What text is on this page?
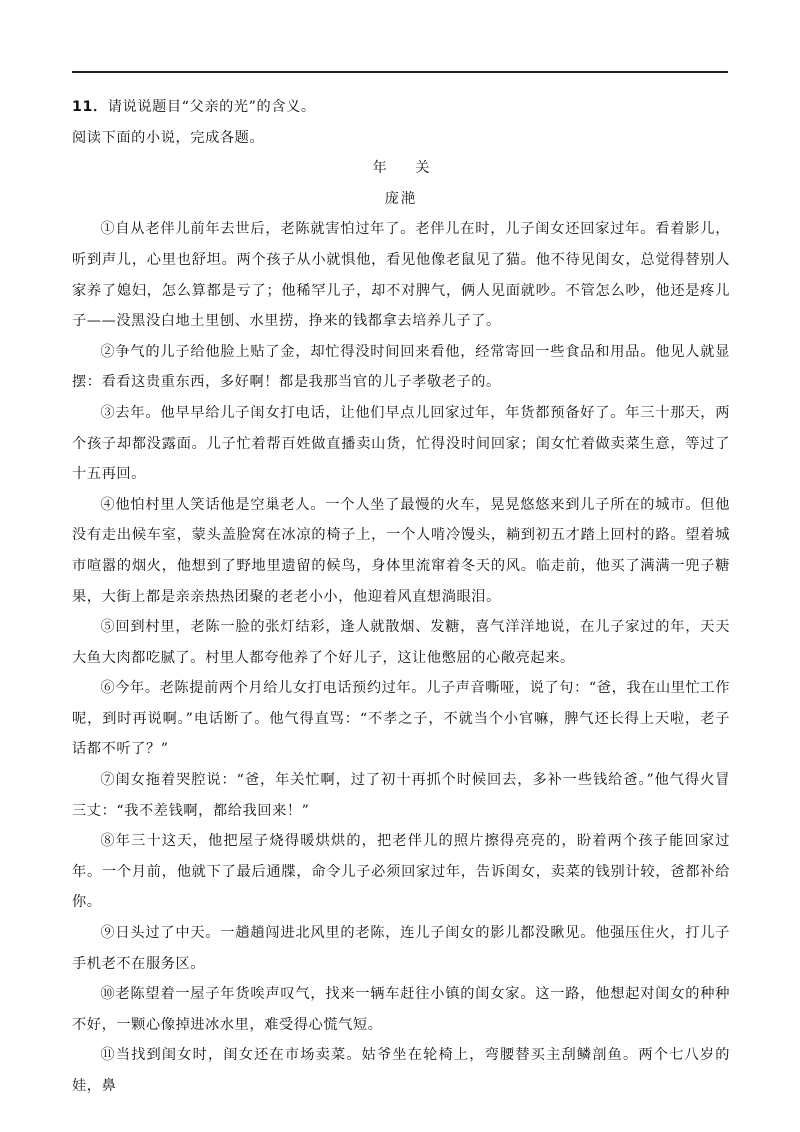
11．请说说题目“父亲的光”的含义。

阅读下面的小说，完成各题。

年 关

庞滟

①自从老伴儿前年去世后，老陈就害怕过年了。老伴儿在时，儿子闺女还回家过年。看着影儿，听到声儿，心里也舒坦。两个孩子从小就惧他，看见他像老鼠见了猫。他不待见闺女，总觉得替别人家养了媳妇，怎么算都是亏了；他稀罕儿子，却不对脾气，俩人见面就吵。不管怎么吵，他还是疼儿子——没黑没白地土里刨、水里捞，挣来的钱都拿去培养儿子了。

②争气的儿子给他脸上贴了金，却忙得没时间回来看他，经常寄回一些食品和用品。他见人就显摆：看看这贵重东西，多好啊！都是我那当官的儿子孝敬老子的。

③去年。他早早给儿子闺女打电话，让他们早点儿回家过年，年货都预备好了。年三十那天，两个孩子却都没露面。儿子忙着帮百姓做直播卖山货，忙得没时间回家；闺女忙着做卖菜生意，等过了十五再回。

④他怕村里人笑话他是空巢老人。一个人坐了最慢的火车，晃晃悠悠来到儿子所在的城市。但他没有走出候车室，蒙头盖脸窝在冰凉的椅子上，一个人啃冷馒头，耥到初五才踏上回村的路。望着城市喧嚣的烟火，他想到了野地里遗留的候鸟，身体里流窜着冬天的风。临走前，他买了满满一兜子糖果，大街上都是亲亲热热团聚的老老小小，他迎着风直想淌眼泪。

⑤回到村里，老陈一脸的张灯结彩，逢人就散烟、发糖，喜气洋洋地说，在儿子家过的年，天天大鱼大肉都吃腻了。村里人都夸他养了个好儿子，这让他憋屈的心敞亮起来。

⑥今年。老陈提前两个月给儿女打电话预约过年。儿子声音嘶哑，说了句：“爸，我在山里忙工作呢，到时再说啊。”电话断了。他气得直骂：“不孝之子，不就当个小官嘛，脾气还长得上天啦，老子话都不听了？”

⑦闺女拖着哭腔说：“爸，年关忙啊，过了初十再抓个时候回去，多补一些钱给爸。”他气得火冒三丈：“我不差钱啊，都给我回来！”

⑧年三十这天，他把屋子烧得暖烘烘的，把老伴儿的照片擦得亮亮的，盼着两个孩子能回家过年。一个月前，他就下了最后通牒，命令儿子必须回家过年，告诉闺女，卖菜的钱别计较，爸都补给你。

⑨日头过了中天。一趟趟闯进北风里的老陈，连儿子闺女的影儿都没瞅见。他强压住火，打儿子手机老不在服务区。

⑩老陈望着一屋子年货唉声叹气，找来一辆车赶往小镇的闺女家。这一路，他想起对闺女的种种不好，一颗心像掉进冰水里，难受得心慌气短。

⑪当找到闺女时，闺女还在市场卖菜。姑爷坐在轮椅上，弯腰替买主刮鳞剖鱼。两个七八岁的娃，鼻
